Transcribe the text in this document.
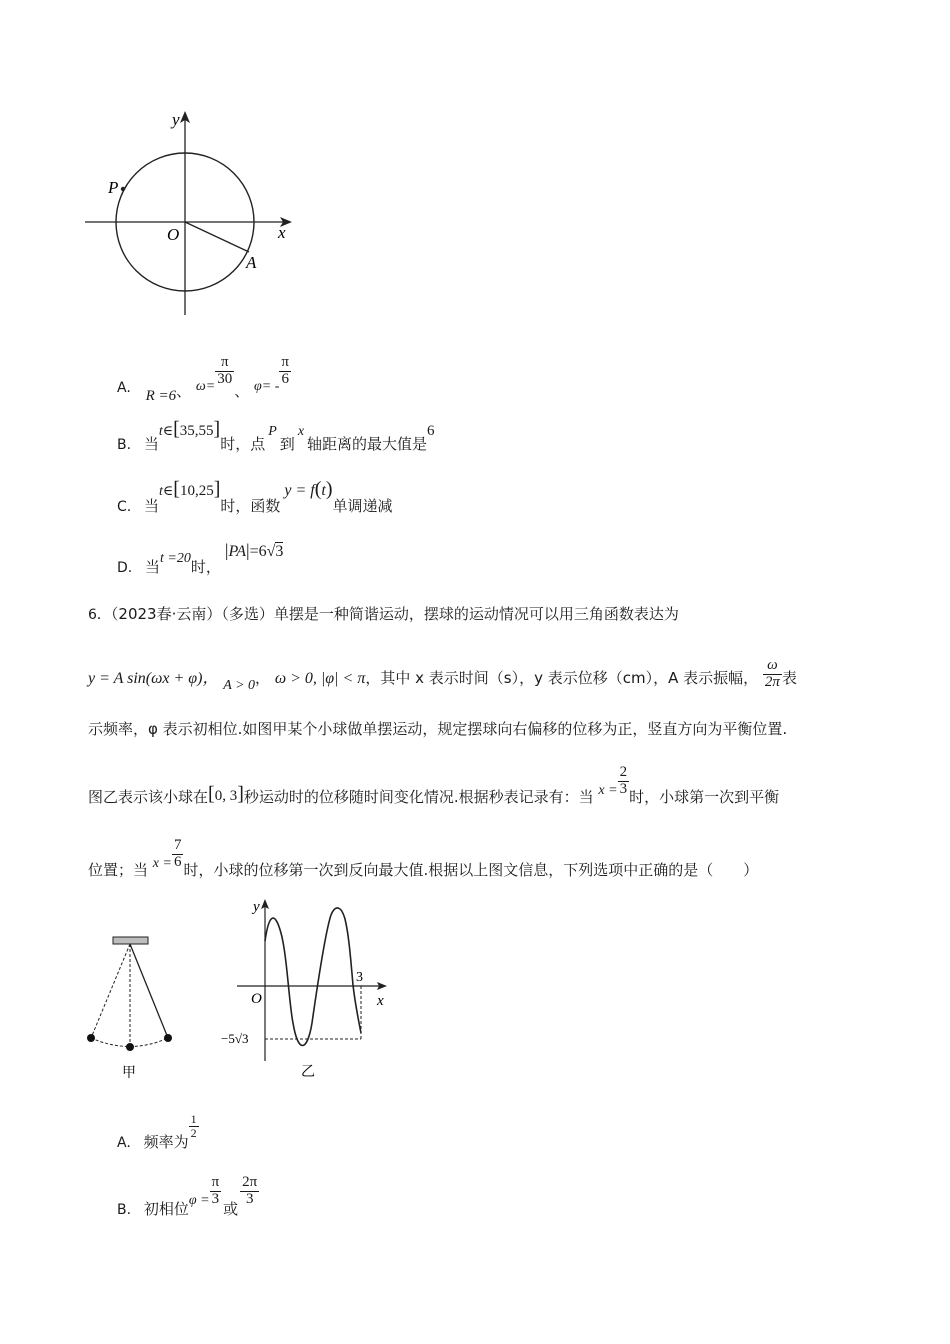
y
x
O
P
A
A. R =6、 $\omega= \frac{\pi}{30}$
、 $\varphi= - \frac{\pi}{6}$
B. 当t∈[35,55]时，点P到x轴距离的最大值是6
C. 当t∈[10,25]时，函数y = f(t)单调递减
D. 当t =20时，|PA|=6√3
6．（2023春·云南）（多选）单摆是一种简谐运动，摆球的运动情况可以用三角函数表达为
y = A sin(ωx + φ)， A > 0， ω > 0, |φ| < π，其中 x 表示时间（s），y 表示位移（cm），A 表示振幅， $\frac{\omega}{2\pi}$ 表
示频率，φ 表示初相位.如图甲某个小球做单摆运动，规定摆球向右偏移的位移为正，竖直方向为平衡位置.
图乙表示该小球在[0, 3]秒运动时的位移随时间变化情况.根据秒表记录有：当 $x = \frac{2}{3}$ 时，小球第一次到平衡
位置；当 $x = \frac{7}{6}$ 时，小球的位移第一次到反向最大值.根据以上图文信息，下列选项中正确的是（　　）
甲
y
x
O
3
−5√3
乙
A. 频率为
$\frac{1}{2}$
B. 初相位$\varphi = \frac{\pi}{3}$
或
$\frac{2\pi}{3}$
